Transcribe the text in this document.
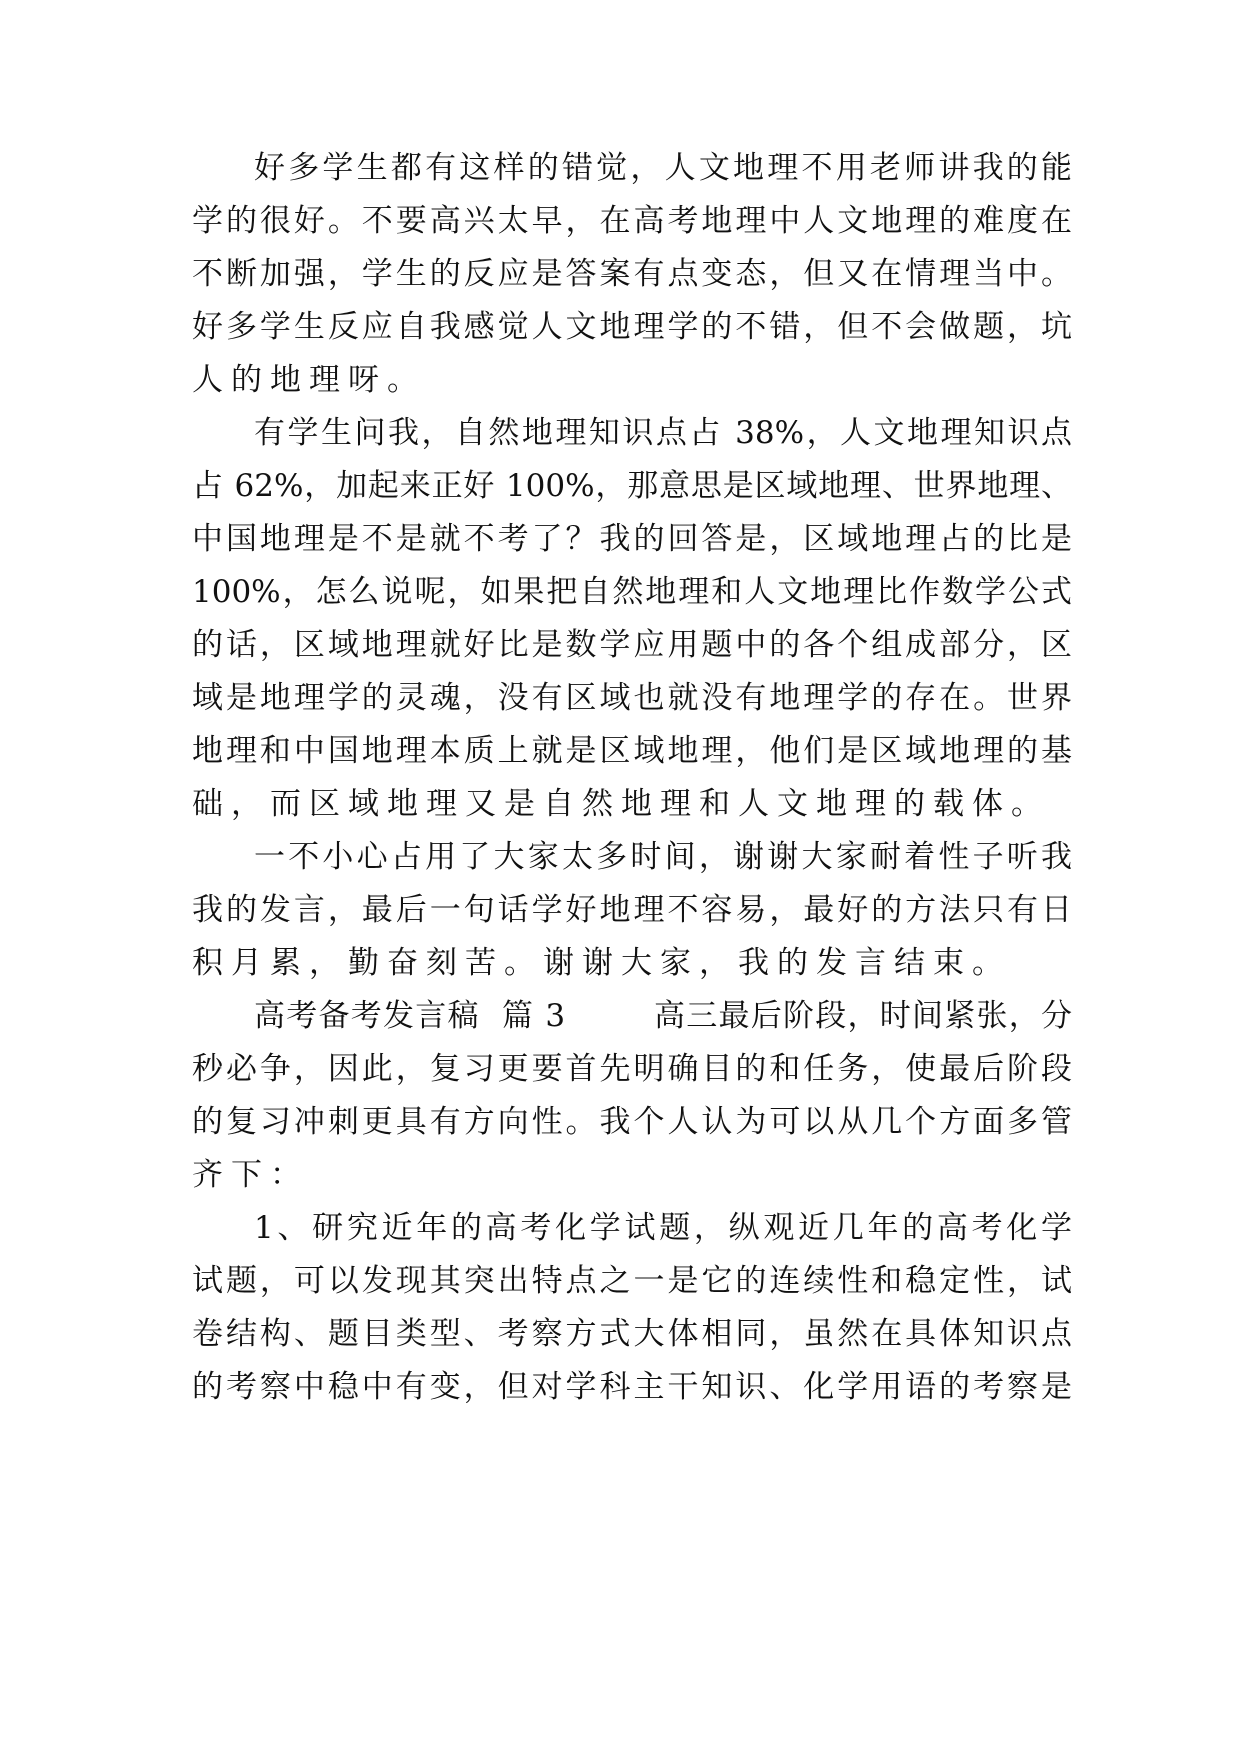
好多学生都有这样的错觉，人文地理不用老师讲我的能
学的很好。不要高兴太早，在高考地理中人文地理的难度在
不断加强，学生的反应是答案有点变态，但又在情理当中。
好多学生反应自我感觉人文地理学的不错，但不会做题，坑
人的地理呀。
有学生问我，自然地理知识点占 38%，人文地理知识点
占 62%，加起来正好 100%，那意思是区域地理、世界地理、
中国地理是不是就不考了？我的回答是，区域地理占的比是
100%，怎么说呢，如果把自然地理和人文地理比作数学公式
的话，区域地理就好比是数学应用题中的各个组成部分，区
域是地理学的灵魂，没有区域也就没有地理学的存在。世界
地理和中国地理本质上就是区域地理，他们是区域地理的基
础，而区域地理又是自然地理和人文地理的载体。
一不小心占用了大家太多时间，谢谢大家耐着性子听我
我的发言，最后一句话学好地理不容易，最好的方法只有日
积月累，勤奋刻苦。谢谢大家，我的发言结束。
高考备考发言稿  篇 3        高三最后阶段，时间紧张，分
秒必争，因此，复习更要首先明确目的和任务，使最后阶段
的复习冲刺更具有方向性。我个人认为可以从几个方面多管
齐下：
1、研究近年的高考化学试题，纵观近几年的高考化学
试题，可以发现其突出特点之一是它的连续性和稳定性，试
卷结构、题目类型、考察方式大体相同，虽然在具体知识点
的考察中稳中有变，但对学科主干知识、化学用语的考察是
